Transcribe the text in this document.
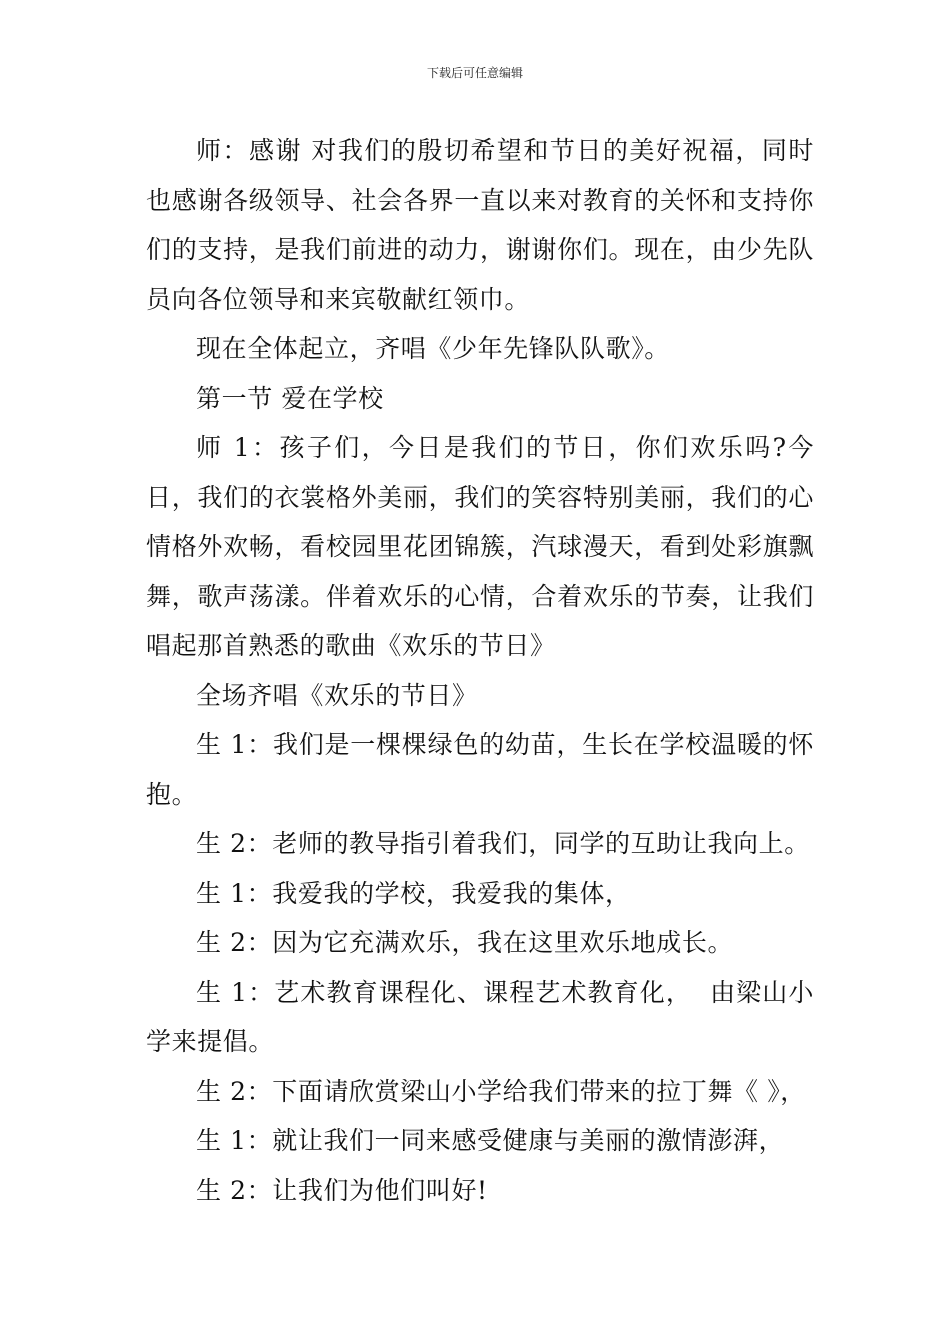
下载后可任意编辑

师：感谢 对我们的殷切希望和节日的美好祝福，同时也感谢各级领导、社会各界一直以来对教育的关怀和支持你们的支持，是我们前进的动力，谢谢你们。现在，由少先队员向各位领导和来宾敬献红领巾。

现在全体起立，齐唱《少年先锋队队歌》。

第一节 爱在学校

师 1：孩子们，今日是我们的节日，你们欢乐吗?今日，我们的衣裳格外美丽，我们的笑容特别美丽，我们的心情格外欢畅，看校园里花团锦簇，汽球漫天，看到处彩旗飘舞，歌声荡漾。伴着欢乐的心情，合着欢乐的节奏，让我们唱起那首熟悉的歌曲《欢乐的节日》

全场齐唱《欢乐的节日》

生 1：我们是一棵棵绿色的幼苗，生长在学校温暖的怀抱。

生 2：老师的教导指引着我们，同学的互助让我向上。

生 1：我爱我的学校，我爱我的集体，

生 2：因为它充满欢乐，我在这里欢乐地成长。

生 1：艺术教育课程化、课程艺术教育化，  由梁山小学来提倡。

生 2：下面请欣赏梁山小学给我们带来的拉丁舞《 》，

生 1：就让我们一同来感受健康与美丽的激情澎湃，

生 2：让我们为他们叫好!
